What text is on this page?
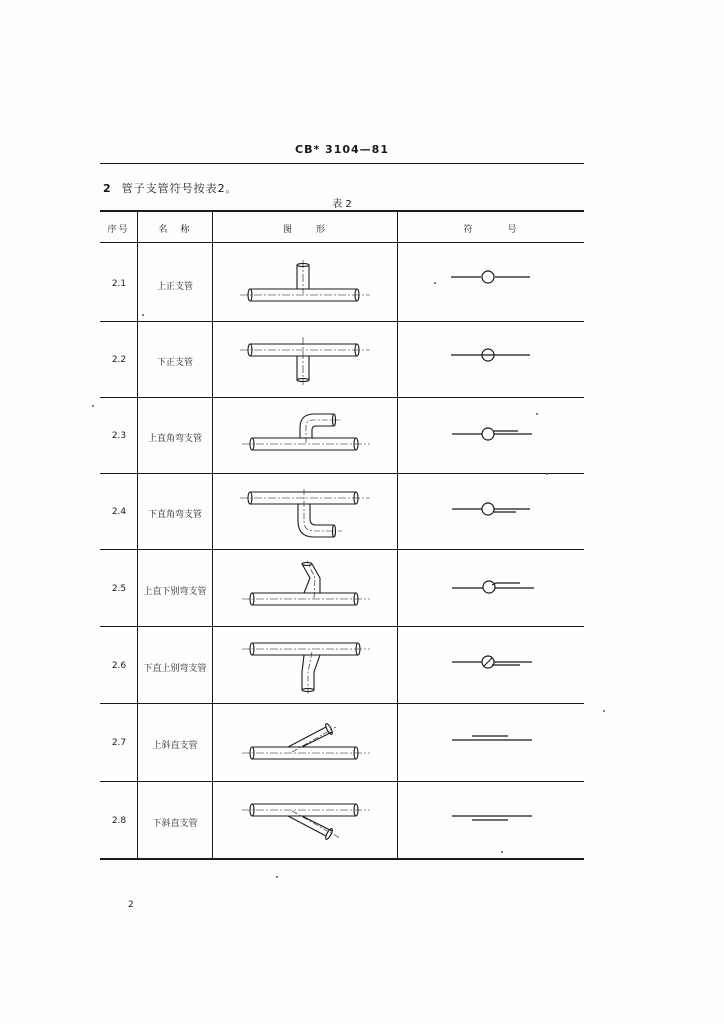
CB* 3104—81
2 管子支管符号按表2。
表 2
序号	名　称	图　　形	符　　　号
2.1	上正支管
2.2	下正支管
2.3	上直角弯支管
2.4	下直角弯支管
2.5	上直下别弯支管
2.6	下直上别弯支管
2.7	上斜直支管
2.8	下斜直支管
2
